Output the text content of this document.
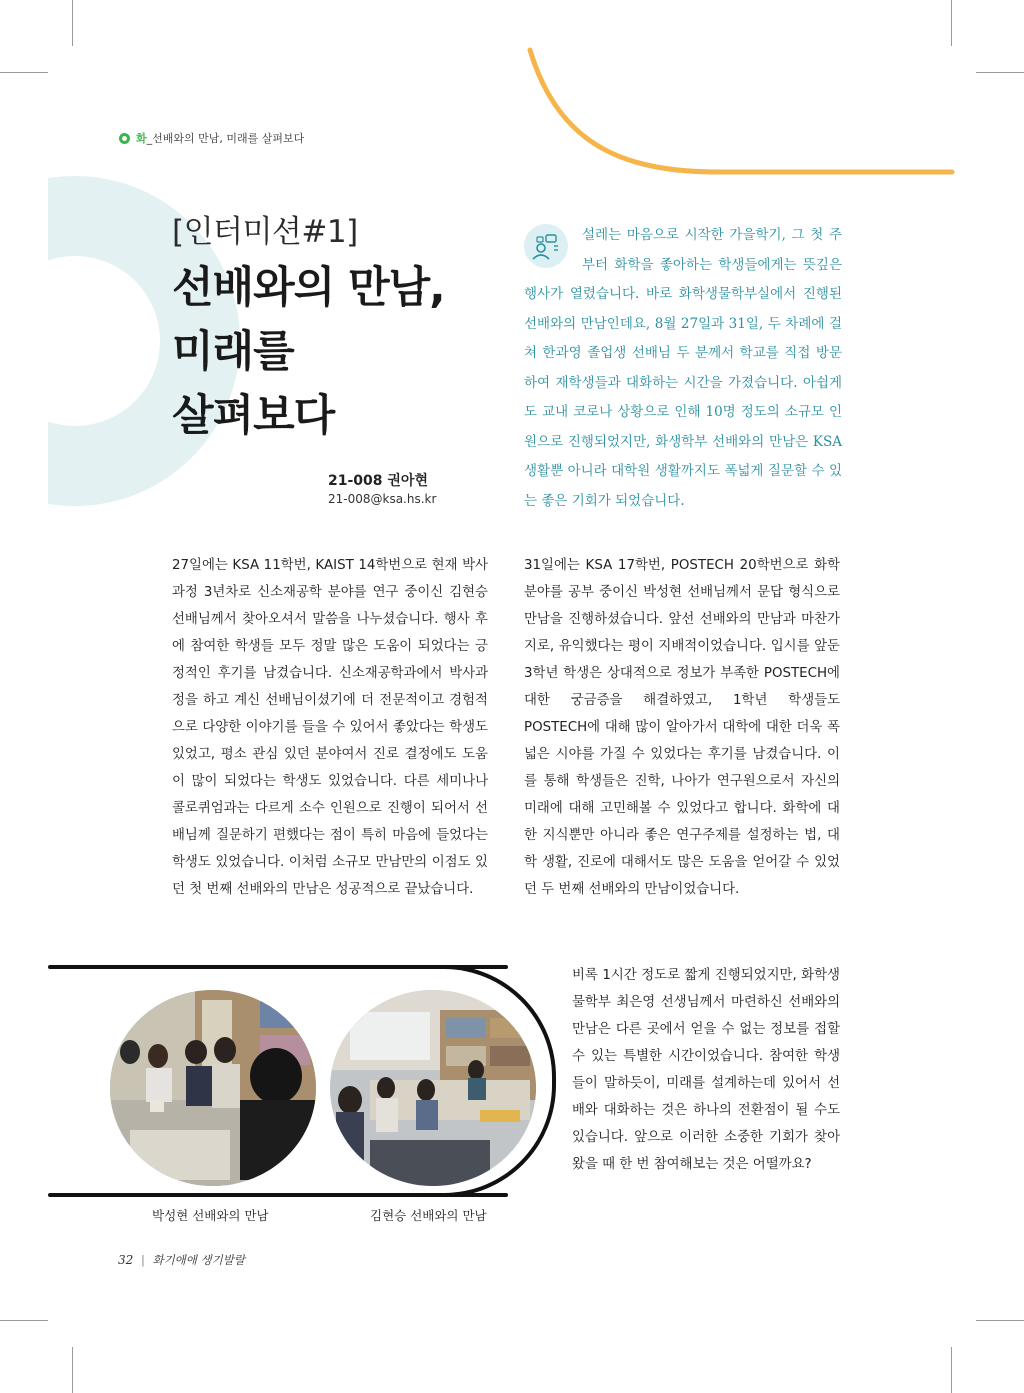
화_선배와의 만남, 미래를 살펴보다
[인터미션#1]
선배와의 만남,
미래를
살펴보다
21-008 권아현
21-008@ksa.hs.kr
설레는 마음으로 시작한 가을학기, 그 첫 주부터 화학을 좋아하는 학생들에게는 뜻깊은 행사가 열렸습니다. 바로 화학생물학부실에서 진행된 선배와의 만남인데요, 8월 27일과 31일, 두 차례에 걸쳐 한과영 졸업생 선배님 두 분께서 학교를 직접 방문하여 재학생들과 대화하는 시간을 가졌습니다. 아쉽게도 교내 코로나 상황으로 인해 10명 정도의 소규모 인원으로 진행되었지만, 화생학부 선배와의 만남은 KSA 생활뿐 아니라 대학원 생활까지도 폭넓게 질문할 수 있는 좋은 기회가 되었습니다.
27일에는 KSA 11학번, KAIST 14학번으로 현재 박사과정 3년차로 신소재공학 분야를 연구 중이신 김현승 선배님께서 찾아오셔서 말씀을 나누셨습니다. 행사 후에 참여한 학생들 모두 정말 많은 도움이 되었다는 긍정적인 후기를 남겼습니다. 신소재공학과에서 박사과정을 하고 계신 선배님이셨기에 더 전문적이고 경험적으로 다양한 이야기를 들을 수 있어서 좋았다는 학생도 있었고, 평소 관심 있던 분야여서 진로 결정에도 도움이 많이 되었다는 학생도 있었습니다. 다른 세미나나 콜로퀴엄과는 다르게 소수 인원으로 진행이 되어서 선배님께 질문하기 편했다는 점이 특히 마음에 들었다는 학생도 있었습니다. 이처럼 소규모 만남만의 이점도 있던 첫 번째 선배와의 만남은 성공적으로 끝났습니다.
31일에는 KSA 17학번, POSTECH 20학번으로 화학 분야를 공부 중이신 박성현 선배님께서 문답 형식으로 만남을 진행하셨습니다. 앞선 선배와의 만남과 마찬가지로, 유익했다는 평이 지배적이었습니다. 입시를 앞둔 3학년 학생은 상대적으로 정보가 부족한 POSTECH에 대한 궁금증을 해결하였고, 1학년 학생들도 POSTECH에 대해 많이 알아가서 대학에 대한 더욱 폭넓은 시야를 가질 수 있었다는 후기를 남겼습니다. 이를 통해 학생들은 진학, 나아가 연구원으로서 자신의 미래에 대해 고민해볼 수 있었다고 합니다. 화학에 대한 지식뿐만 아니라 좋은 연구주제를 설정하는 법, 대학 생활, 진로에 대해서도 많은 도움을 얻어갈 수 있었던 두 번째 선배와의 만남이었습니다.
비록 1시간 정도로 짧게 진행되었지만, 화학생물학부 최은영 선생님께서 마련하신 선배와의 만남은 다른 곳에서 얻을 수 없는 정보를 접할 수 있는 특별한 시간이었습니다. 참여한 학생들이 말하듯이, 미래를 설계하는데 있어서 선배와 대화하는 것은 하나의 전환점이 될 수도 있습니다. 앞으로 이러한 소중한 기회가 찾아왔을 때 한 번 참여해보는 것은 어떨까요?
박성현 선배와의 만남	김현승 선배와의 만남
32 | 화기애애 생기발랄
